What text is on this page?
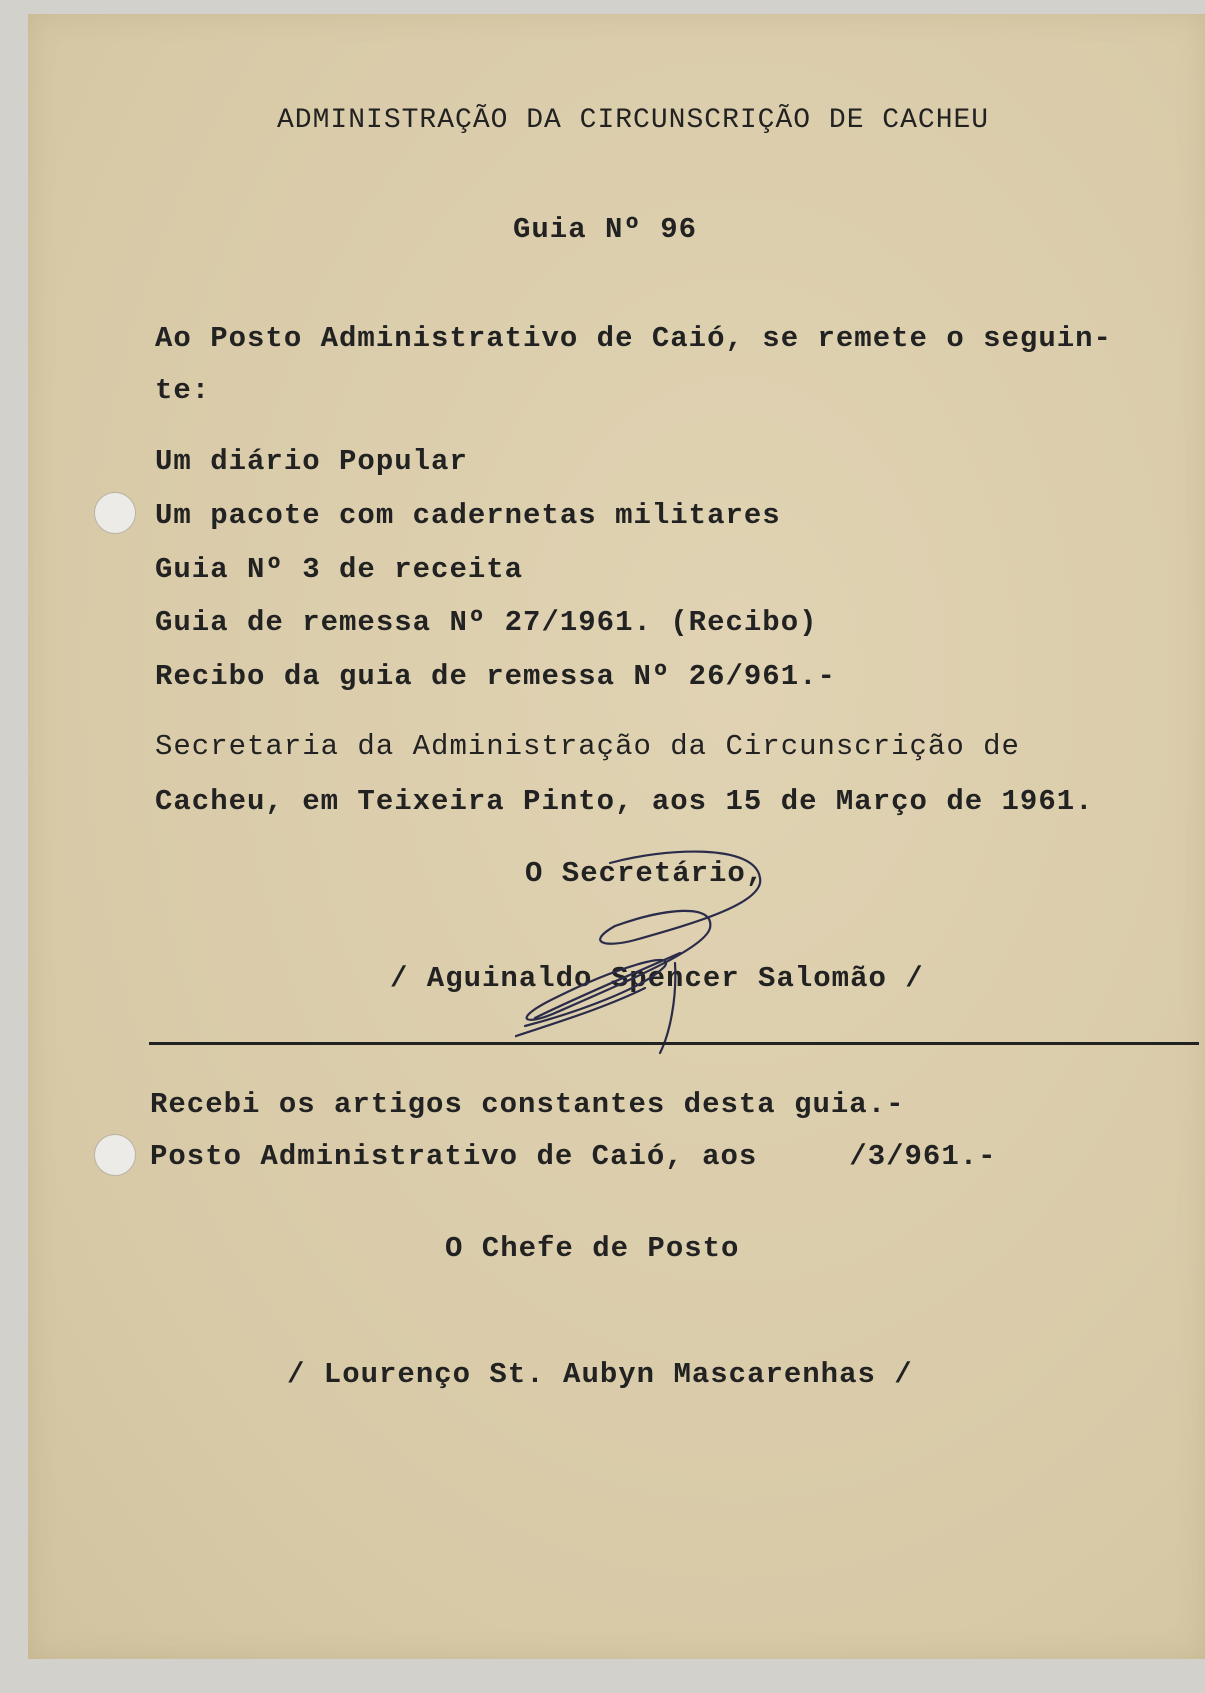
ADMINISTRAÇÃO DA CIRCUNSCRIÇÃO DE CACHEU
Guia Nº 96
Ao Posto Administrativo de Caió, se remete o seguin-
te:
Um diário Popular
Um pacote com cadernetas militares
Guia Nº 3 de receita
Guia de remessa Nº 27/1961. (Recibo)
Recibo da guia de remessa Nº 26/961.-
Secretaria da Administração da Circunscrição de
Cacheu, em Teixeira Pinto, aos 15 de Março de 1961.
O Secretário,
/ Aguinaldo Spencer Salomão /
Recebi os artigos constantes desta guia.-
Posto Administrativo de Caió, aos     /3/961.-
O Chefe de Posto
/ Lourenço St. Aubyn Mascarenhas /
